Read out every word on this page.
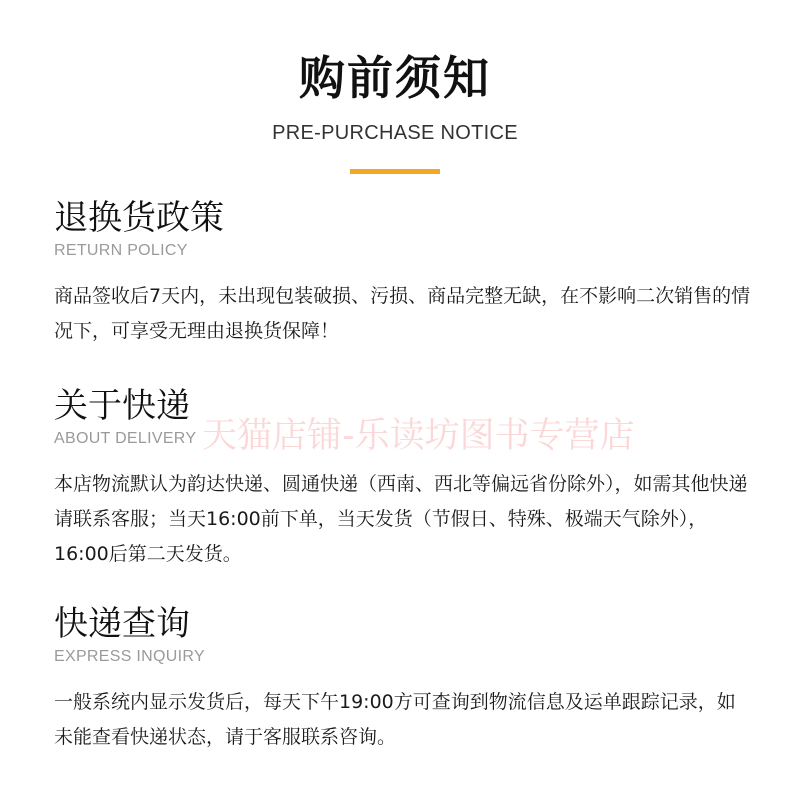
购前须知
PRE-PURCHASE NOTICE
退换货政策
RETURN POLICY
商品签收后7天内，未出现包装破损、污损、商品完整无缺，在不影响二次销售的情况下，可享受无理由退换货保障！
关于快递
ABOUT DELIVERY
本店物流默认为韵达快递、圆通快递（西南、西北等偏远省份除外），如需其他快递请联系客服；当天16:00前下单，当天发货（节假日、特殊、极端天气除外），16:00后第二天发货。
快递查询
EXPRESS INQUIRY
一般系统内显示发货后，每天下午19:00方可查询到物流信息及运单跟踪记录，如未能查看快递状态，请于客服联系咨询。
天猫店铺-乐读坊图书专营店
